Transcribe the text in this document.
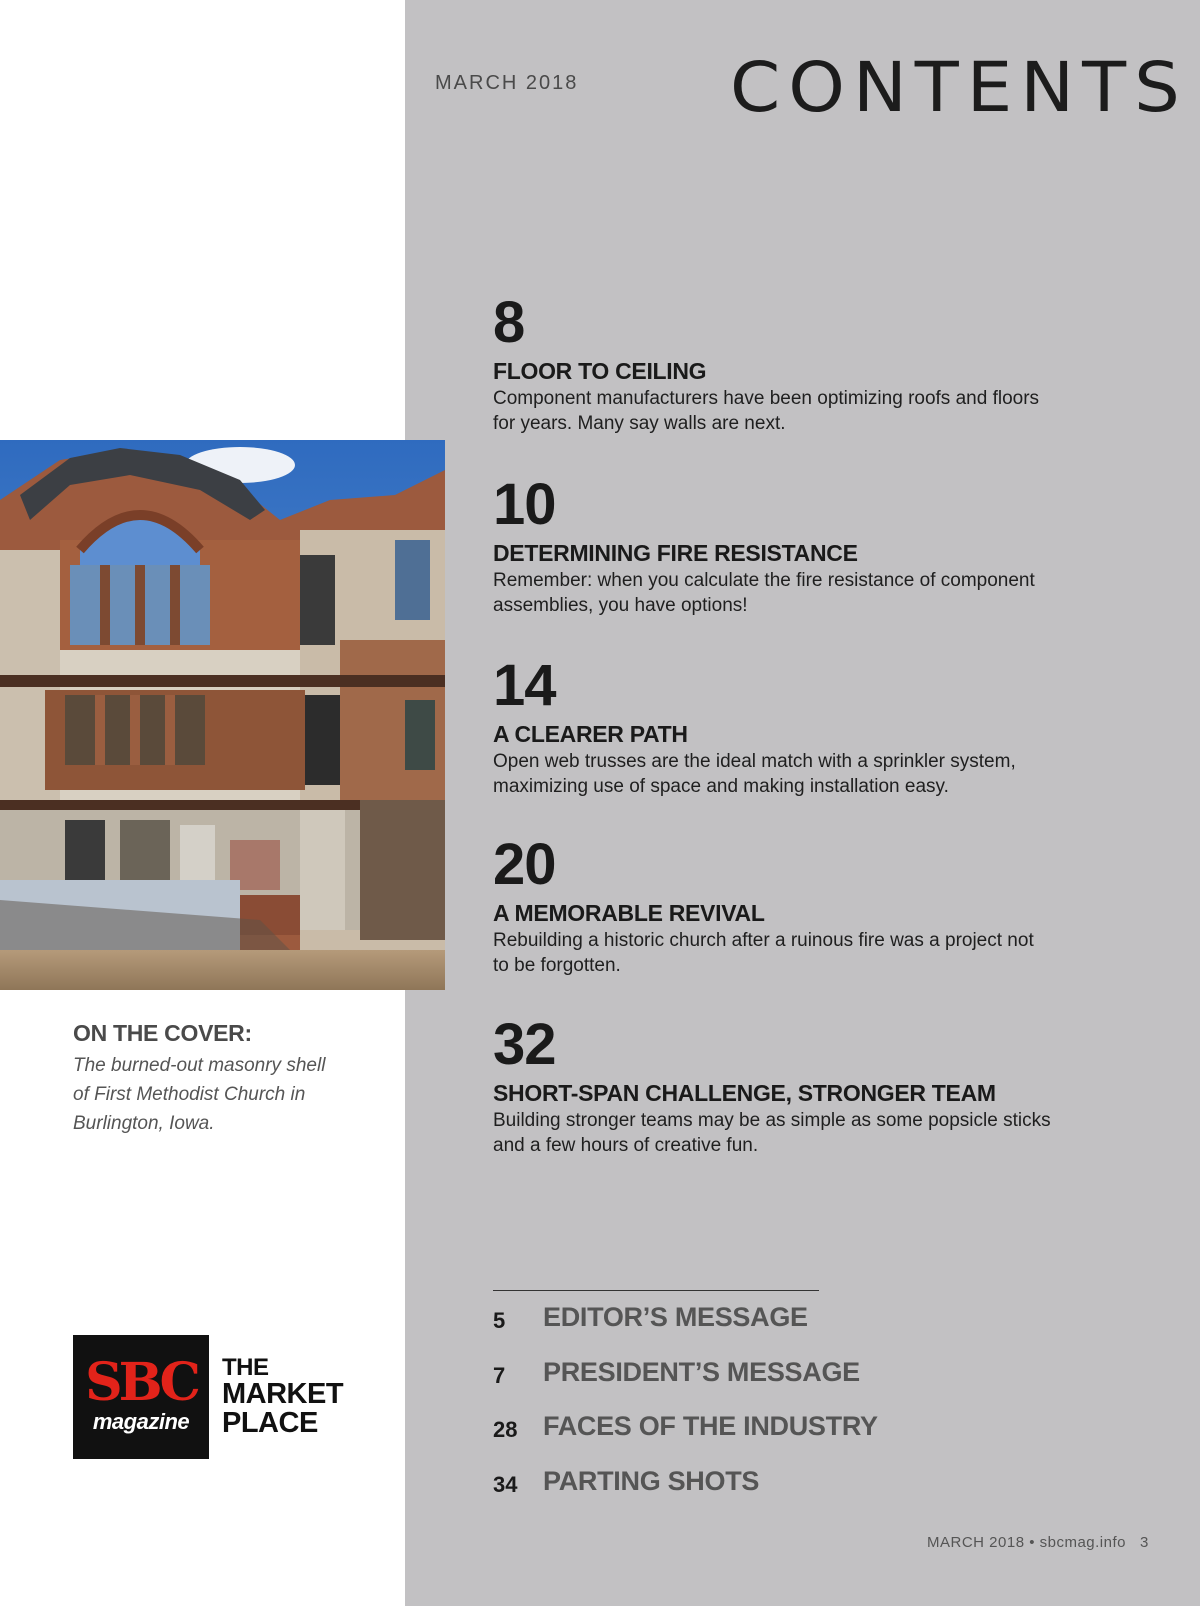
MARCH 2018 CONTENTS
8
FLOOR TO CEILING
Component manufacturers have been optimizing roofs and floors
for years. Many say walls are next.
10
DETERMINING FIRE RESISTANCE
Remember: when you calculate the fire resistance of component
assemblies, you have options!
14
A CLEARER PATH
Open web trusses are the ideal match with a sprinkler system,
maximizing use of space and making installation easy.
20
A MEMORABLE REVIVAL
Rebuilding a historic church after a ruinous fire was a project not
to be forgotten.
32
SHORT-SPAN CHALLENGE, STRONGER TEAM
Building stronger teams may be as simple as some popsicle sticks
and a few hours of creative fun.
ON THE COVER:
The burned-out masonry shell
of First Methodist Church in
Burlington, Iowa.
5 EDITOR’S MESSAGE
7 PRESIDENT’S MESSAGE
28 FACES OF THE INDUSTRY
34 PARTING SHOTS
SBC
magazine
THE
MARKET
PLACE
MARCH 2018 • sbcmag.info   3
